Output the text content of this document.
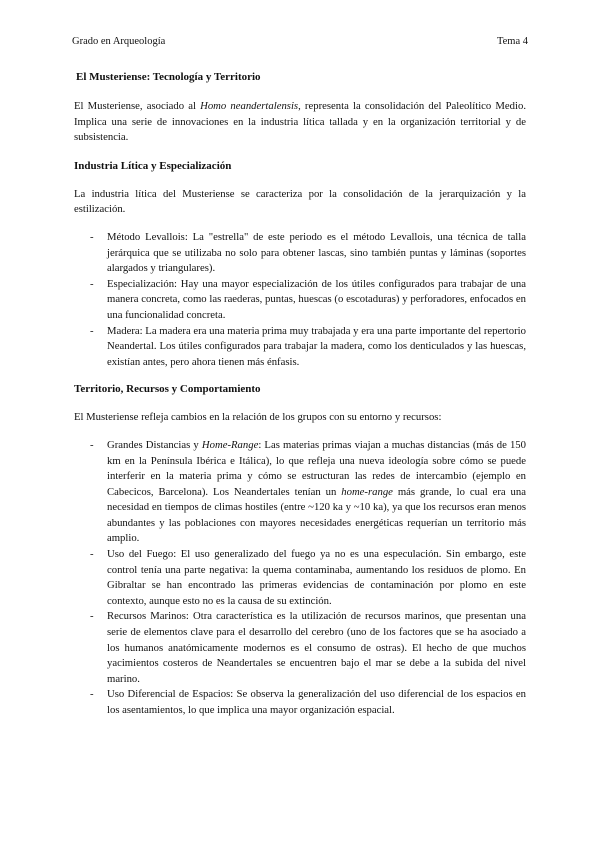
Grado en Arqueología	Tema 4
El Musteriense: Tecnología y Territorio

El Musteriense, asociado al Homo neandertalensis, representa la consolidación del Paleolítico Medio. Implica una serie de innovaciones en la industria lítica tallada y en la organización territorial y de subsistencia.

Industria Lítica y Especialización

La industria lítica del Musteriense se caracteriza por la consolidación de la jerarquización y la estilización.

- Método Levallois: La "estrella" de este periodo es el método Levallois, una técnica de talla jerárquica que se utilizaba no solo para obtener lascas, sino también puntas y láminas (soportes alargados y triangulares).
- Especialización: Hay una mayor especialización de los útiles configurados para trabajar de una manera concreta, como las raederas, puntas, huescas (o escotaduras) y perforadores, enfocados en una funcionalidad concreta.
- Madera: La madera era una materia prima muy trabajada y era una parte importante del repertorio Neandertal. Los útiles configurados para trabajar la madera, como los denticulados y las huescas, existían antes, pero ahora tienen más énfasis.
Territorio, Recursos y Comportamiento

El Musteriense refleja cambios en la relación de los grupos con su entorno y recursos:

- Grandes Distancias y Home-Range: Las materias primas viajan a muchas distancias (más de 150 km en la Península Ibérica e Itálica), lo que refleja una nueva ideología sobre cómo se puede interferir en la materia prima y cómo se estructuran las redes de intercambio (ejemplo en Cabecicos, Barcelona). Los Neandertales tenían un home-range más grande, lo cual era una necesidad en tiempos de climas hostiles (entre ~120 ka y ~10 ka), ya que los recursos eran menos abundantes y las poblaciones con mayores necesidades energéticas requerían un territorio más amplio.
- Uso del Fuego: El uso generalizado del fuego ya no es una especulación. Sin embargo, este control tenía una parte negativa: la quema contaminaba, aumentando los residuos de plomo. En Gibraltar se han encontrado las primeras evidencias de contaminación por plomo en este contexto, aunque esto no es la causa de su extinción.
- Recursos Marinos: Otra característica es la utilización de recursos marinos, que presentan una serie de elementos clave para el desarrollo del cerebro (uno de los factores que se ha asociado a los humanos anatómicamente modernos es el consumo de ostras). El hecho de que muchos yacimientos costeros de Neandertales se encuentren bajo el mar se debe a la subida del nivel marino.
- Uso Diferencial de Espacios: Se observa la generalización del uso diferencial de los espacios en los asentamientos, lo que implica una mayor organización espacial.
